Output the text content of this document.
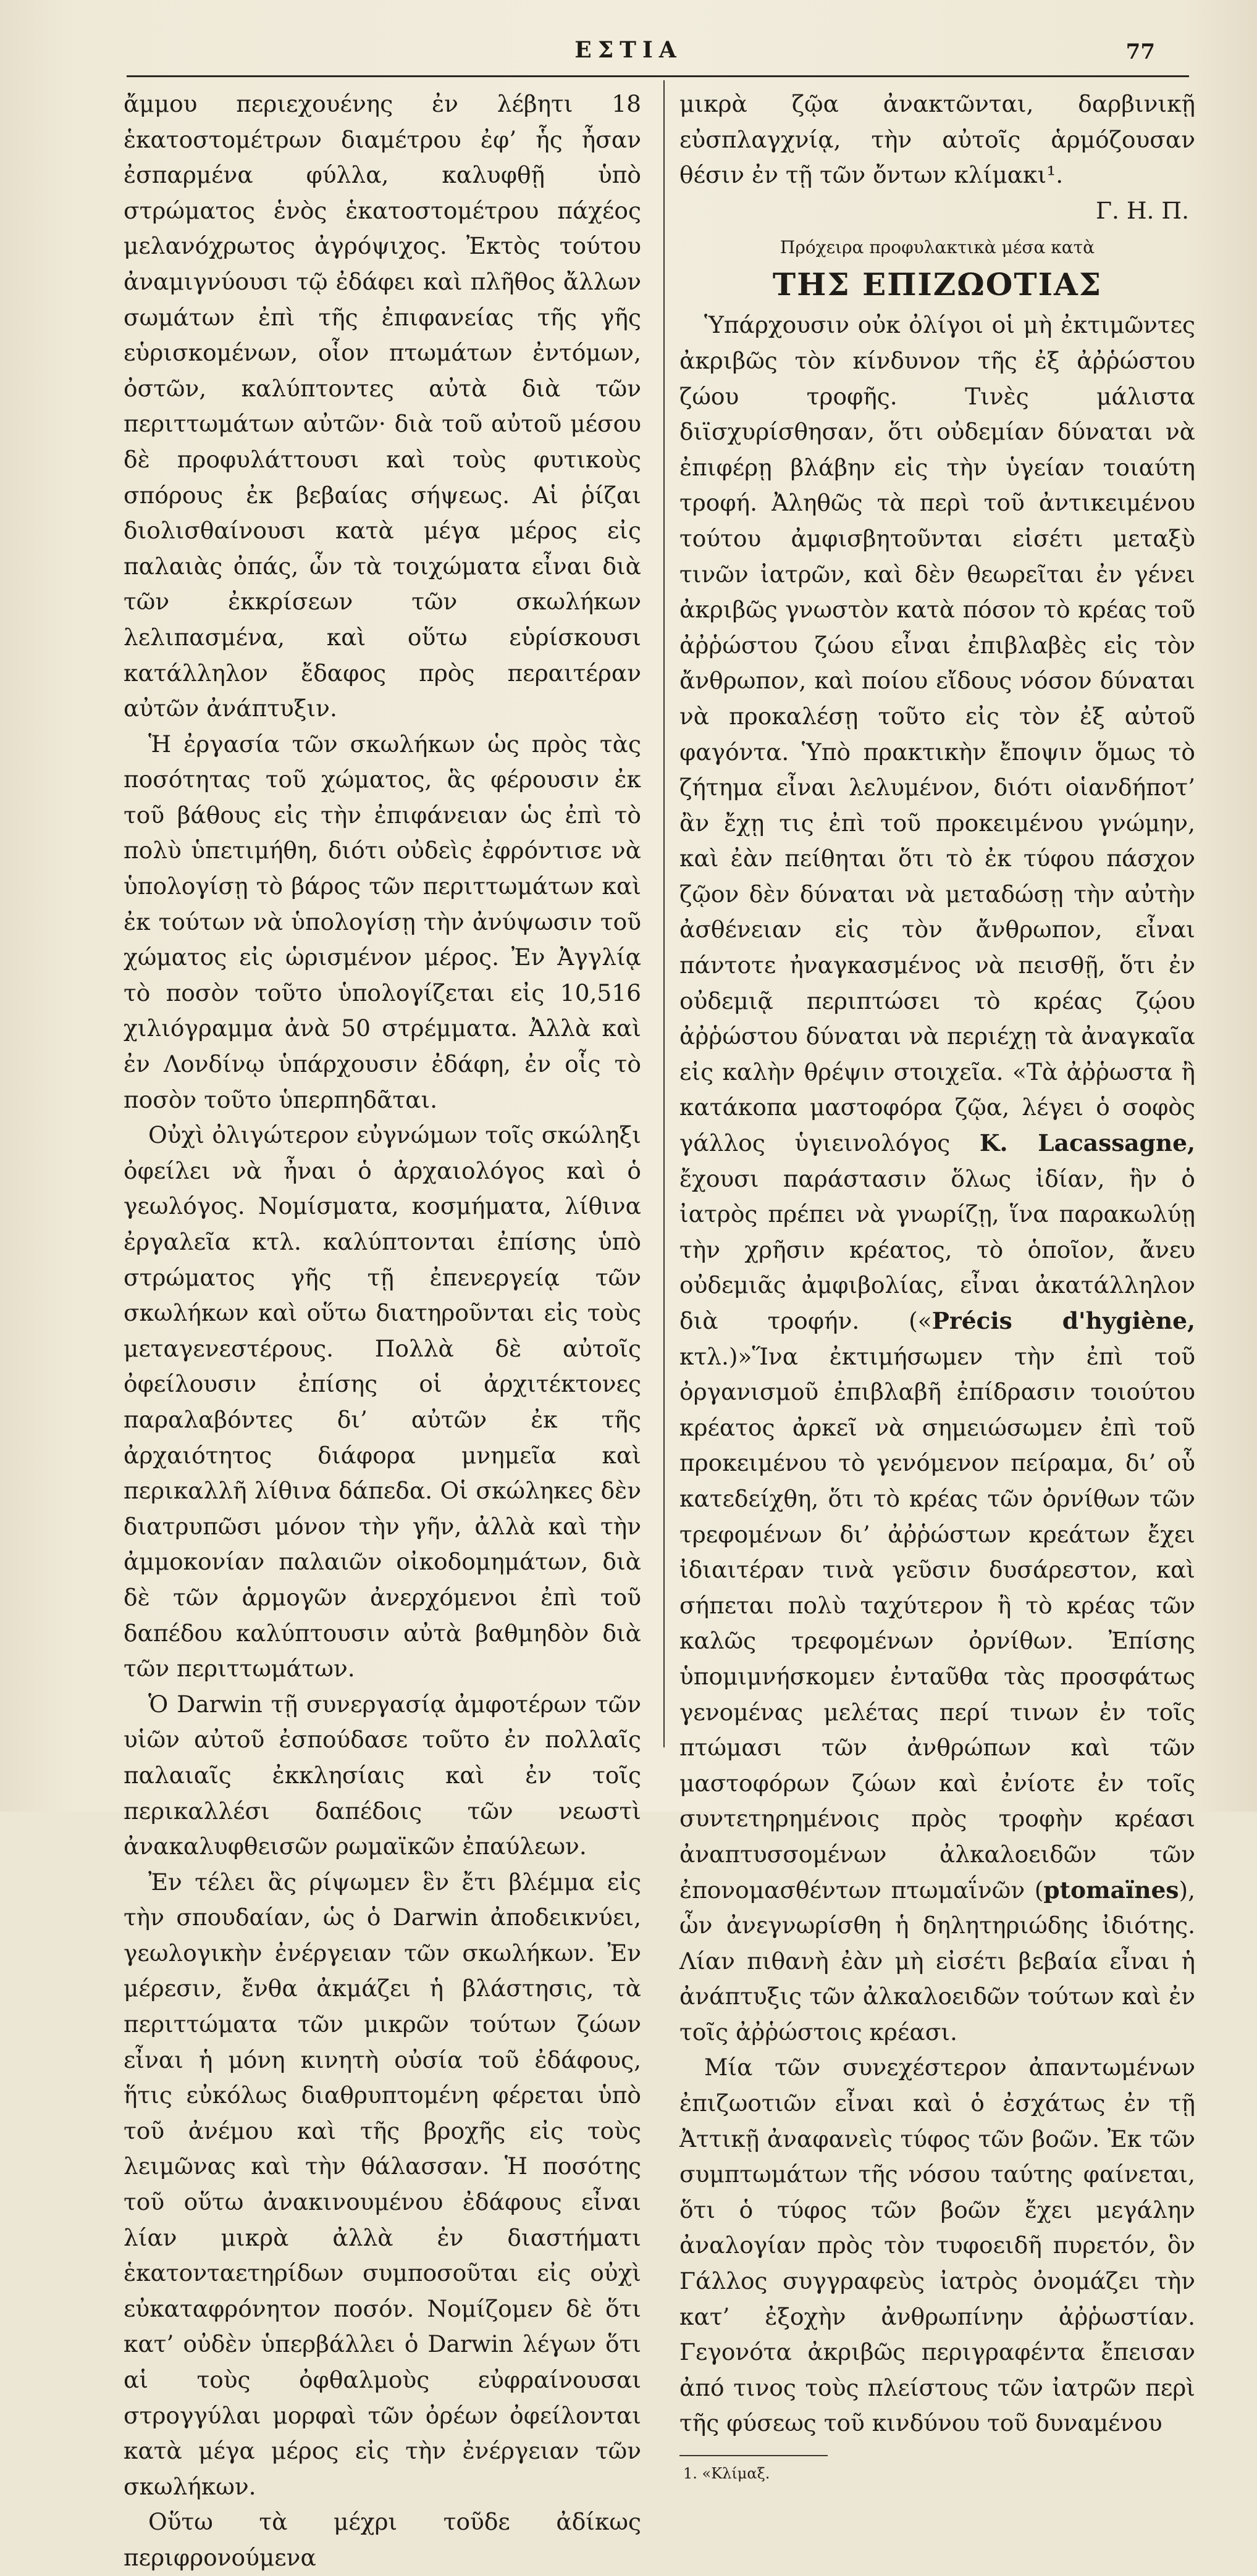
ΕΣΤΙΑ	77

ἄμμου περιεχουένης ἐν λέβητι 18 ἑκατοστομέτρων διαμέτρου ἐφ’ ἧς ἦσαν ἐσπαρμένα φύλλα, καλυφθῇ ὑπὸ στρώματος ἑνὸς ἑκατοστομέτρου πάχέος μελανόχρωτος ἀγρόψιχος. Ἐκτὸς τούτου ἀναμιγνύουσι τῷ ἐδάφει καὶ πλῆθος ἄλλων σωμάτων ἐπὶ τῆς ἐπιφανείας τῆς γῆς εὑρισκομένων, οἷον πτωμάτων ἐντόμων, ὀστῶν, καλύπτοντες αὐτὰ διὰ τῶν περιττωμάτων αὐτῶν· διὰ τοῦ αὐτοῦ μέσου δὲ προφυλάττουσι καὶ τοὺς φυτικοὺς σπόρους ἐκ βεβαίας σήψεως. Αἱ ῥίζαι διολισθαίνουσι κατὰ μέγα μέρος εἰς παλαιὰς ὀπάς, ὧν τὰ τοιχώματα εἶναι διὰ τῶν ἐκκρίσεων τῶν σκωλήκων λελιπασμένα, καὶ οὕτω εὑρίσκουσι κατάλληλον ἔδαφος πρὸς περαιτέραν αὐτῶν ἀνάπτυξιν.

Ἡ ἐργασία τῶν σκωλήκων ὡς πρὸς τὰς ποσότητας τοῦ χώματος, ἃς φέρουσιν ἐκ τοῦ βάθους εἰς τὴν ἐπιφάνειαν ὡς ἐπὶ τὸ πολὺ ὑπετιμήθη, διότι οὐδεὶς ἐφρόντισε νὰ ὑπολογίσῃ τὸ βάρος τῶν περιττωμάτων καὶ ἐκ τούτων νὰ ὑπολογίσῃ τὴν ἀνύψωσιν τοῦ χώματος εἰς ὡρισμένον μέρος. Ἐν Ἀγγλίᾳ τὸ ποσὸν τοῦτο ὑπολογίζεται εἰς 10,516 χιλιόγραμμα ἀνὰ 50 στρέμματα. Ἀλλὰ καὶ ἐν Λονδίνῳ ὑπάρχουσιν ἐδάφη, ἐν οἷς τὸ ποσὸν τοῦτο ὑπερπηδᾶται.

Οὐχὶ ὀλιγώτερον εὐγνώμων τοῖς σκώληξι ὀφείλει νὰ ἦναι ὁ ἀρχαιολόγος καὶ ὁ γεωλόγος. Νομίσματα, κοσμήματα, λίθινα ἐργαλεῖα κτλ. καλύπτονται ἐπίσης ὑπὸ στρώματος γῆς τῇ ἐπενεργείᾳ τῶν σκωλήκων καὶ οὕτω διατηροῦνται εἰς τοὺς μεταγενεστέρους. Πολλὰ δὲ αὐτοῖς ὀφείλουσιν ἐπίσης οἱ ἀρχιτέκτονες παραλαβόντες δι’ αὐτῶν ἐκ τῆς ἀρχαιότητος διάφορα μνημεῖα καὶ περικαλλῆ λίθινα δάπεδα. Οἱ σκώληκες δὲν διατρυπῶσι μόνον τὴν γῆν, ἀλλὰ καὶ τὴν ἀμμοκονίαν παλαιῶν οἰκοδομημάτων, διὰ δὲ τῶν ἁρμογῶν ἀνερχόμενοι ἐπὶ τοῦ δαπέδου καλύπτουσιν αὐτὰ βαθμηδὸν διὰ τῶν περιττωμάτων.

Ὁ Darwin τῇ συνεργασίᾳ ἀμφοτέρων τῶν υἱῶν αὐτοῦ ἐσπούδασε τοῦτο ἐν πολλαῖς παλαιαῖς ἐκκλησίαις καὶ ἐν τοῖς περικαλλέσι δαπέδοις τῶν νεωστὶ ἀνακαλυφθεισῶν ρωμαϊκῶν ἐπαύλεων.

Ἐν τέλει ἃς ρίψωμεν ἓν ἔτι βλέμμα εἰς τὴν σπουδαίαν, ὡς ὁ Darwin ἀποδεικνύει, γεωλογικὴν ἐνέργειαν τῶν σκωλήκων. Ἐν μέρεσιν, ἔνθα ἀκμάζει ἡ βλάστησις, τὰ περιττώματα τῶν μικρῶν τούτων ζώων εἶναι ἡ μόνη κινητὴ οὐσία τοῦ ἐδάφους, ἥτις εὐκόλως διαθρυπτομένη φέρεται ὑπὸ τοῦ ἀνέμου καὶ τῆς βροχῆς εἰς τοὺς λειμῶνας καὶ τὴν θάλασσαν. Ἡ ποσότης τοῦ οὕτω ἀνακινουμένου ἐδάφους εἶναι λίαν μικρὰ ἀλλὰ ἐν διαστήματι ἑκατονταετηρίδων συμποσοῦται εἰς οὐχὶ εὐκαταφρόνητον ποσόν. Νομίζομεν δὲ ὅτι κατ’ οὐδὲν ὑπερβάλλει ὁ Darwin λέγων ὅτι αἱ τοὺς ὀφθαλμοὺς εὐφραίνουσαι στρογγύλαι μορφαὶ τῶν ὀρέων ὀφείλονται κατὰ μέγα μέρος εἰς τὴν ἐνέργειαν τῶν σκωλήκων.

Οὕτω τὰ μέχρι τοῦδε ἀδίκως περιφρονούμενα

μικρὰ ζῷα ἀνακτῶνται, δαρβινικῇ εὐσπλαγχνίᾳ, τὴν αὐτοῖς ἁρμόζουσαν θέσιν ἐν τῇ τῶν ὄντων κλίμακι¹.

Γ. Η. Π.

Πρόχειρα προφυλακτικὰ μέσα κατὰ
ΤΗΣ ΕΠΙΖΩΟΤΙΑΣ

Ὑπάρχουσιν οὐκ ὀλίγοι οἱ μὴ ἐκτιμῶντες ἀκριβῶς τὸν κίνδυνον τῆς ἐξ ἀῤῥώστου ζώου τροφῆς. Τινὲς μάλιστα διϊσχυρίσθησαν, ὅτι οὐδεμίαν δύναται νὰ ἐπιφέρῃ βλάβην εἰς τὴν ὑγείαν τοιαύτη τροφή. Ἀληθῶς τὰ περὶ τοῦ ἀντικειμένου τούτου ἀμφισβητοῦνται εἰσέτι μεταξὺ τινῶν ἰατρῶν, καὶ δὲν θεωρεῖται ἐν γένει ἀκριβῶς γνωστὸν κατὰ πόσον τὸ κρέας τοῦ ἀῤῥώστου ζώου εἶναι ἐπιβλαβὲς εἰς τὸν ἄνθρωπον, καὶ ποίου εἴδους νόσον δύναται νὰ προκαλέσῃ τοῦτο εἰς τὸν ἐξ αὐτοῦ φαγόντα. Ὑπὸ πρακτικὴν ἔποψιν ὅμως τὸ ζήτημα εἶναι λελυμένον, διότι οἱανδήποτ’ ἂν ἔχῃ τις ἐπὶ τοῦ προκειμένου γνώμην, καὶ ἐὰν πείθηται ὅτι τὸ ἐκ τύφου πάσχον ζῷον δὲν δύναται νὰ μεταδώσῃ τὴν αὐτὴν ἀσθένειαν εἰς τὸν ἄνθρωπον, εἶναι πάντοτε ἠναγκασμένος νὰ πεισθῇ, ὅτι ἐν οὐδεμιᾷ περιπτώσει τὸ κρέας ζῴου ἀῤῥώστου δύναται νὰ περιέχῃ τὰ ἀναγκαῖα εἰς καλὴν θρέψιν στοιχεῖα. «Τὰ ἀῤῥωστα ἢ κατάκοπα μαστοφόρα ζῷα, λέγει ὁ σοφὸς γάλλος ὑγιεινολόγος K. Lacassagne, ἔχουσι παράστασιν ὅλως ἰδίαν, ἣν ὁ ἰατρὸς πρέπει νὰ γνωρίζῃ, ἵνα παρακωλύῃ τὴν χρῆσιν κρέατος, τὸ ὁποῖον, ἄνευ οὐδεμιᾶς ἀμφιβολίας, εἶναι ἀκατάλληλον διὰ τροφήν. («Précis d'hygiène, κτλ.)»Ἵνα ἐκτιμήσωμεν τὴν ἐπὶ τοῦ ὀργανισμοῦ ἐπιβλαβῆ ἐπίδρασιν τοιούτου κρέατος ἀρκεῖ νὰ σημειώσωμεν ἐπὶ τοῦ προκειμένου τὸ γενόμενον πείραμα, δι’ οὗ κατεδείχθη, ὅτι τὸ κρέας τῶν ὀρνίθων τῶν τρεφομένων δι’ ἀῤῥώστων κρεάτων ἔχει ἰδιαιτέραν τινὰ γεῦσιν δυσάρεστον, καὶ σήπεται πολὺ ταχύτερον ἢ τὸ κρέας τῶν καλῶς τρεφομένων ὀρνίθων. Ἐπίσης ὑπομιμνήσκομεν ἐνταῦθα τὰς προσφάτως γενομένας μελέτας περί τινων ἐν τοῖς πτώμασι τῶν ἀνθρώπων καὶ τῶν μαστοφόρων ζώων καὶ ἐνίοτε ἐν τοῖς συντετηρημένοις πρὸς τροφὴν κρέασι ἀναπτυσσομένων ἀλκαλοειδῶν τῶν ἐπονομασθέντων πτωμαΐνῶν (ptomaïnes), ὧν ἀνεγνωρίσθη ἡ δηλητηριώδης ἰδιότης. Λίαν πιθανὴ ἐὰν μὴ εἰσέτι βεβαία εἶναι ἡ ἀνάπτυξις τῶν ἀλκαλοειδῶν τούτων καὶ ἐν τοῖς ἀῤῥώστοις κρέασι.

Μία τῶν συνεχέστερον ἀπαντωμένων ἐπιζωοτιῶν εἶναι καὶ ὁ ἐσχάτως ἐν τῇ Ἀττικῇ ἀναφανεὶς τύφος τῶν βοῶν. Ἐκ τῶν συμπτωμάτων τῆς νόσου ταύτης φαίνεται, ὅτι ὁ τύφος τῶν βοῶν ἔχει μεγάλην ἀναλογίαν πρὸς τὸν τυφοειδῆ πυρετόν, ὃν Γάλλος συγγραφεὺς ἰατρὸς ὀνομάζει τὴν κατ’ ἐξοχὴν ἀνθρωπίνην ἀῤῥωστίαν. Γεγονότα ἀκριβῶς περιγραφέντα ἔπεισαν ἀπό τινος τοὺς πλείστους τῶν ἰατρῶν περὶ τῆς φύσεως τοῦ κινδύνου τοῦ δυναμένου

1. «Κλίμαξ.
